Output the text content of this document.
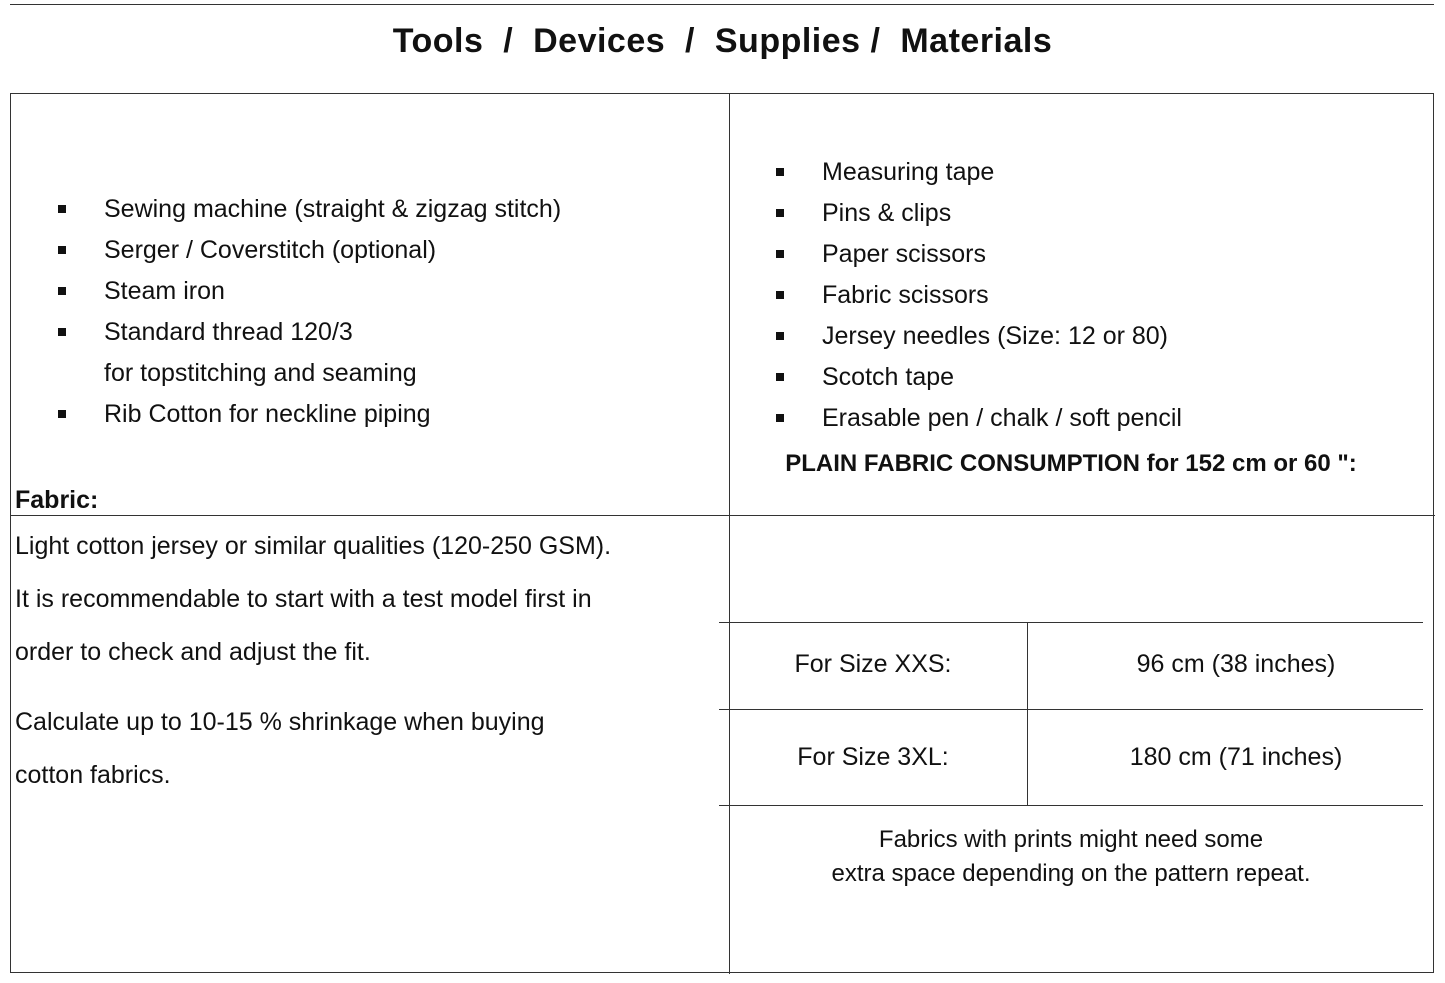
Tools  /  Devices  /  Supplies /  Materials
Sewing machine (straight & zigzag stitch)
Serger / Coverstitch (optional)
Steam iron
Standard thread 120/3
for topstitching and seaming
Rib Cotton for neckline piping
Measuring tape
Pins & clips
Paper scissors
Fabric scissors
Jersey needles (Size: 12 or 80)
Scotch tape
Erasable pen / chalk / soft pencil
Fabric:
Light cotton jersey or similar qualities (120-250 GSM).
It is recommendable to start with a test model first in
order to check and adjust the fit.
Calculate up to 10-15 % shrinkage when buying
cotton fabrics.
PLAIN FABRIC CONSUMPTION for 152 cm or 60 ":
For Size XXS:	96 cm (38 inches)
For Size 3XL:	180 cm (71 inches)
Fabrics with prints might need some
extra space depending on the pattern repeat.
